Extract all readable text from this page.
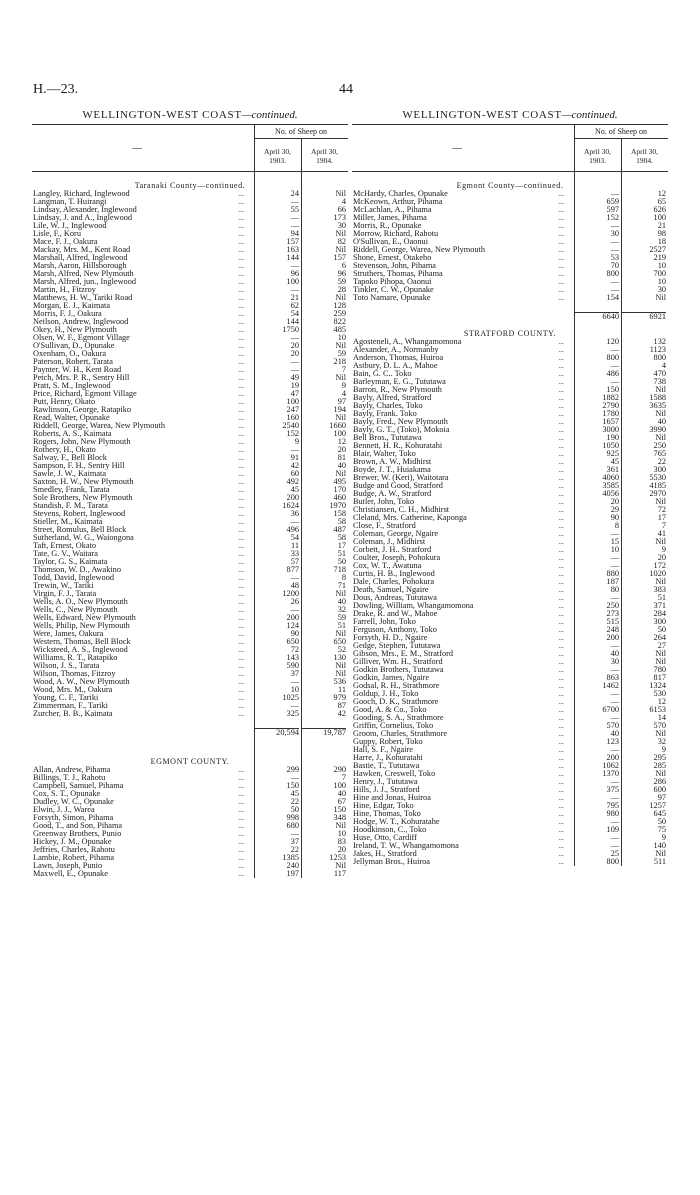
H.—23.	44
WELLINGTON-WEST COAST—continued.
—
No. of Sheep on
April 30,
1903.
April 30,
1904.
Taranaki County—continued.
Langley, Richard, Inglewood	...	24	Nil
Langman, T. Huirangi	...	—	4
Lindsay, Alexander, Inglewood	...	55	66
Lindsay, J. and A., Inglewood	...	—	173
Lile, W. J., Inglewood	...	—	30
Lisle, F., Koru	...	94	Nil
Mace, F. J., Oakura	...	157	82
Mackay, Mrs. M., Kent Road	...	163	Nil
Marshall, Alfred, Inglewood	...	144	157
Marsh, Aaron, Hillsborough	...	—	6
Marsh, Alfred, New Plymouth	...	96	96
Marsh, Alfred, jun., Inglewood	...	100	59
Martin, H., Fitzroy	...	—	28
Matthews, H. W., Tariki Road	...	21	Nil
Morgan, E. J., Kaimata	...	62	128
Morris, F. J., Oakura	...	54	259
Neilson, Andrew, Inglewood	...	144	822
Okey, H., New Plymouth	...	1750	485
Olsen, W. F., Egmont Village	...	—	10
O'Sullivan, D., Opunake	...	20	Nil
Oxenham, O., Oakura	...	20	59
Paterson, Robert, Tarata	...	—	218
Paynter, W. H., Kent Road	...	—	7
Petch, Mrs. P. R., Sentry Hill	...	49	Nil
Pratt, S. M., Inglewood	...	19	9
Price, Richard, Egmont Village	...	47	4
Putt, Henry, Okato	...	100	97
Rawlinson, George, Ratapiko	...	247	194
Read, Walter, Opunake	...	160	Nil
Riddell, George, Warea, New Plymouth	...	2540	1660
Roberts, A. S., Kaimata	...	152	100
Rogers, John, New Plymouth	...	9	12
Rothery, H., Okato	...	—	20
Salway, F., Bell Block	...	91	81
Sampson, F. H., Sentry Hill	...	42	40
Sawle, J. W., Kaimata	...	60	Nil
Saxton, H. W., New Plymouth	...	492	495
Smedley, Frank, Tarata	...	45	170
Sole Brothers, New Plymouth	...	200	460
Standish, F. M., Tarata	...	1624	1970
Stevens, Robert, Inglewood	...	36	158
Stieller, M., Kaimata	...	—	58
Street, Romulus, Bell Block	...	496	487
Sutherland, W. G., Waiongona	...	54	58
Taft, Ernest, Okato	...	11	17
Tate, G. V., Waitara	...	33	51
Taylor, G. S., Kaimata	...	57	50
Thomson, W. D., Awakino	...	877	718
Todd, David, Inglewood	...	—	8
Trewin, W., Tariki	...	48	71
Virgin, F. J., Tarata	...	1200	Nil
Wells, A. O., New Plymouth	...	26	40
Wells, C., New Plymouth	...	—	32
Wells, Edward, New Plymouth	...	200	59
Wells, Philip, New Plymouth	...	124	51
Were, James, Oakura	...	90	Nil
Western, Thomas, Bell Block	...	650	650
Wicksteed, A. S., Inglewood	...	72	52
Williams, R. T., Ratapiko	...	143	130
Wilson, J. S., Tarata	...	590	Nil
Wilson, Thomas, Fitzroy	...	37	Nil
Wood, A. W., New Plymouth	...	—	536
Wood, Mrs. M., Oakura	...	10	11
Young, C. F., Tariki	...	1025	979
Zimmerman, F., Tariki	...	—	87
Zurcher, B. B., Kaimata	...	325	42
20,594	19,787
EGMONT COUNTY.
Allan, Andrew, Pihama	...	299	290
Billings, T. J., Rahotu	...	—	7
Campbell, Samuel, Pihama	...	150	100
Cox, S. T., Opunake	...	45	40
Dudley, W. C., Opunake	...	22	67
Elwin, J. J., Warea	...	50	150
Forsyth, Simon, Pihama	...	998	348
Good, T., and Son, Pihama	...	680	Nil
Greenway Brothers, Punio	...	—	10
Hickey, J. M., Opunake	...	37	83
Jeffries, Charles, Rahotu	...	22	20
Lambie, Robert, Pihama	...	1385	1253
Lawn, Joseph, Punio	...	240	Nil
Maxwell, E., Opunake	...	197	117
WELLINGTON-WEST COAST—continued.
—
No. of Sheep on
April 30,
1903.
April 30,
1904.
Egmont County—continued.
McHardy, Charles, Opunake	...	—	12
McKeown, Arthur, Pihama	...	659	65
McLachlan, A., Pihama	...	597	626
Miller, James, Pihama	...	152	100
Morris, R., Opunake	...	—	21
Morrow, Richard, Rahotu	...	30	98
O'Sullivan, E., Oaonui	...	—	18
Riddell, George, Warea, New Plymouth	...	—	2527
Shone, Ernest, Otakeho	...	53	219
Stevenson, John, Pihama	...	70	10
Struthers, Thomas, Pihama	...	800	700
Tapoko Pihopa, Oaonui	...	—	10
Tinkler, C. W., Opunake	...	—	30
Toto Namare, Opunake	...	154	Nil
6640	6921
STRATFORD COUNTY.
Agosteneli, A., Whangamomona	...	120	132
Alexander, A., Normanby	...	—	1123
Anderson, Thomas, Huiroa	...	800	800
Astbury, D. L. A., Mahoe	...	—	4
Bain, G. C.. Toko	...	486	470
Barleyman, E. G., Tututawa	...	—	738
Barron, R., New Plymouth	...	150	Nil
Bayly, Alfred, Stratford	...	1882	1588
Bayly, Charles, Toko	...	2790	3635
Bayly, Frank. Toko	...	1780	Nil
Bayly, Fred., New Plymouth	...	1657	40
Bayly, G. T., (Toko), Mokoia	...	3000	3990
Bell Bros., Tututawa	...	190	Nil
Bennett, H. R., Kohuratahi	...	1050	250
Blair, Walter, Toko	...	925	765
Brown, A. W., Midhirst	...	45	22
Boyde, J. T., Huiakama	...	361	300
Brewer, W. (Keri), Waitotara	...	4060	5530
Budge and Good, Stratford	...	3585	4185
Budge, A. W., Stratford	...	4056	2970
Butler, John, Toko	...	20	Nil
Christiansen, C. H., Midhirst	...	29	72
Cleland, Mrs. Catherine, Kaponga	...	90	17
Close, F., Stratford	...	8	7
Coleman, George, Ngaire	...	—	41
Coleman, J., Midhirst	...	15	Nil
Corbett, J. H.. Stratford	...	10	9
Coulter, Joseph, Pohokura	...	—	20
Cox, W. T., Awatuna	...	—	172
Curtis, H. B., Inglewood	...	880	1020
Dale, Charles, Pohokura	...	187	Nil
Death, Samuel, Ngaire	...	80	383
Dous, Andreas, Tututawa	...	—	51
Dowling, William, Whangamomona	...	250	371
Drake, R. and W., Mahoe	...	273	284
Farrell, John, Toko	...	515	300
Ferguson, Anthony, Toko	...	248	50
Forsyth, H. D., Ngaire	...	200	264
Gedge, Stephen, Tututawa	...	—	27
Gibson, Mrs., E. M., Stratford	...	40	Nil
Gilliver, Wm. H., Stratford	...	30	Nil
Godkin Brothers, Tututawa	...	—	780
Godkin, James, Ngaire	...	863	817
Godsal, R. H., Strathmore	...	1462	1324
Goldup, J. H., Toko	...	—	530
Gooch, D. K., Strathmore	...	—	12
Good, A. & Co., Toko	...	6700	6153
Gooding, S. A., Strathmore	...	—	14
Griffin, Cornelius, Toko	...	570	570
Groom, Charles, Strathmore	...	40	Nil
Guppy, Robert, Toko	...	123	32
Hall, S. F., Ngaire	...	—	9
Harre, J., Kohuratahi	...	200	295
Bastie, T., Tututawa	...	1062	285
Hawken, Creswell, Toko	...	1370	Nil
Henry, J., Tututawa	...	—	286
Hills, J. J., Stratford	...	375	600
Hine and Jonas, Huiroa	...	—	97
Hine, Edgar, Toko	...	795	1257
Hine, Thomas, Toko	...	980	645
Hodge, W. T., Kohuratahe	...	—	50
Hoodkinson, C., Toko	...	109	75
Huse, Otto, Cardiff	...	—	9
Ireland, T. W., Whangamomona	...	—	140
Jakes, H., Stratford	...	25	Nil
Jellyman Bros., Huiroa	...	800	511
